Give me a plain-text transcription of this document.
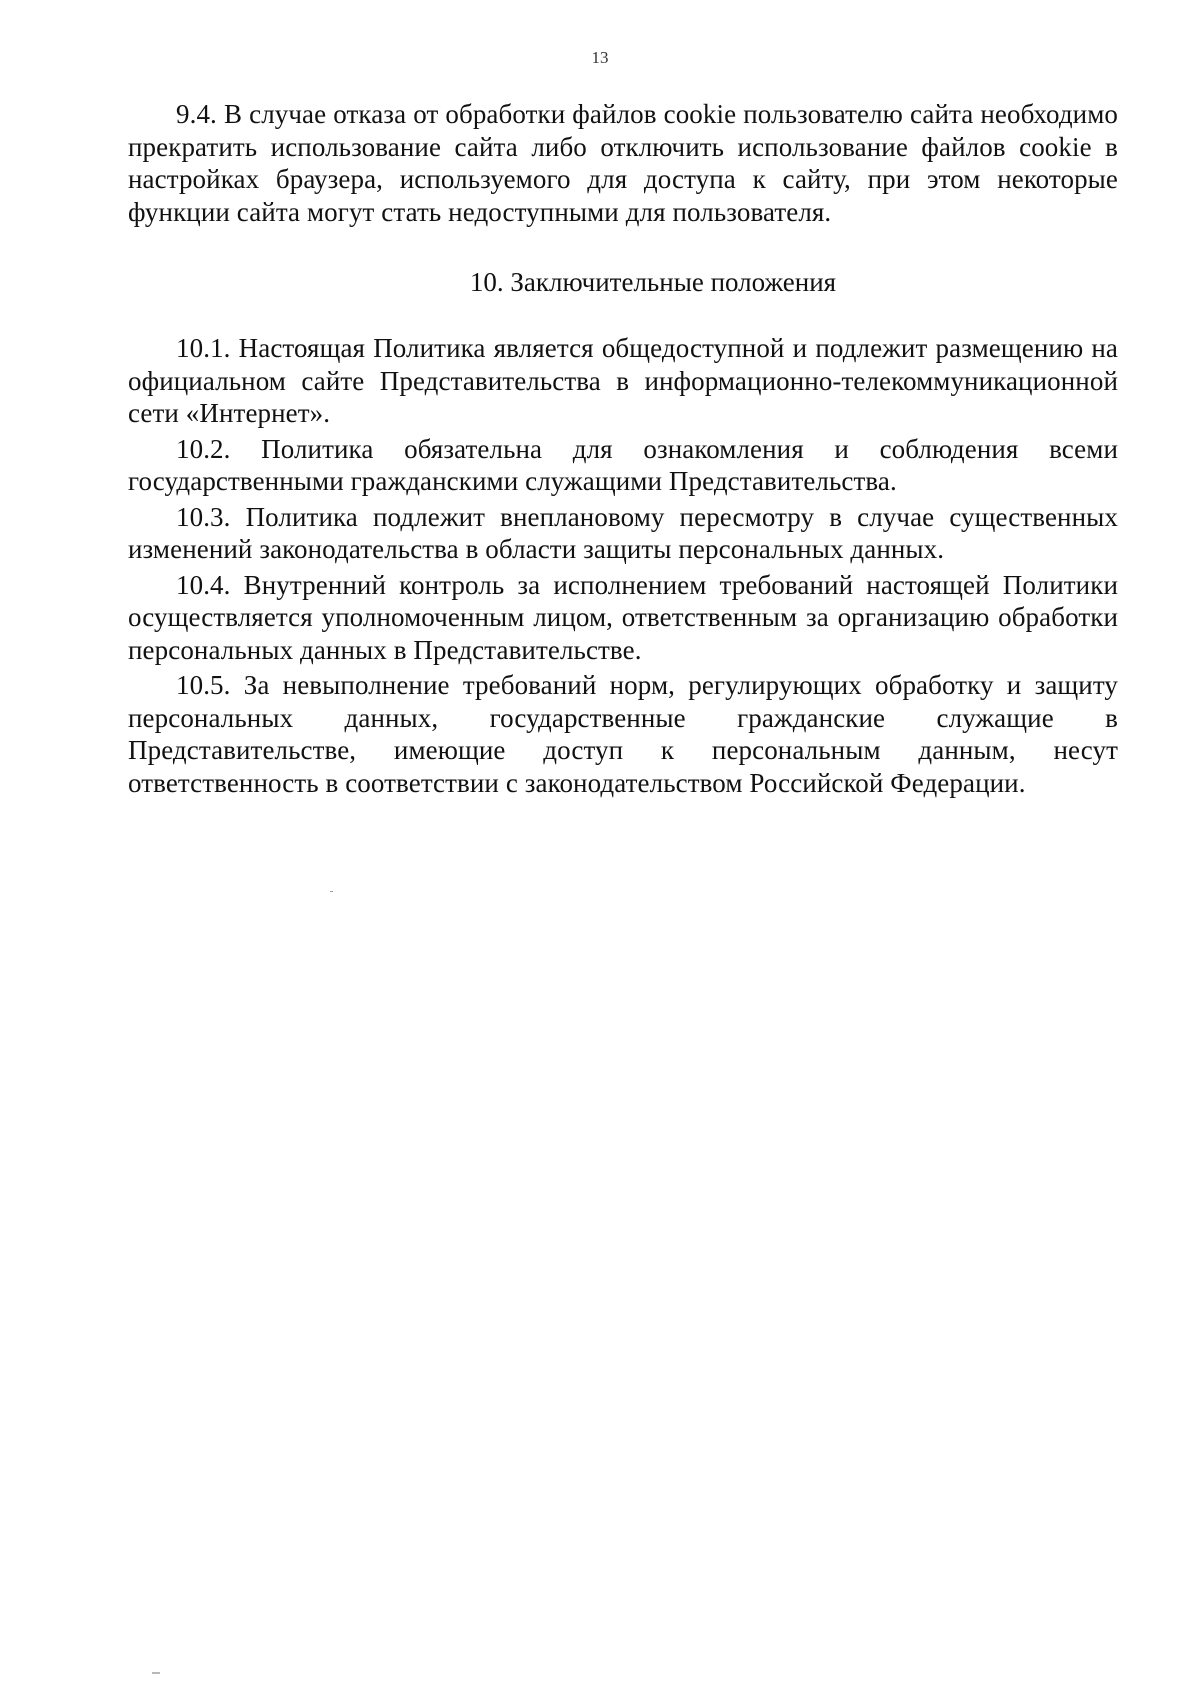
13

9.4. В случае отказа от обработки файлов cookie пользователю сайта необходимо прекратить использование сайта либо отключить использование файлов cookie в настройках браузера, используемого для доступа к сайту, при этом некоторые функции сайта могут стать недоступными для пользователя.

10. Заключительные положения

10.1. Настоящая Политика является общедоступной и подлежит размещению на официальном сайте Представительства в информационно-телекоммуникационной сети «Интернет».

10.2. Политика обязательна для ознакомления и соблюдения всеми государственными гражданскими служащими Представительства.

10.3. Политика подлежит внеплановому пересмотру в случае существенных изменений законодательства в области защиты персональных данных.

10.4. Внутренний контроль за исполнением требований настоящей Политики осуществляется уполномоченным лицом, ответственным за организацию обработки персональных данных в Представительстве.

10.5. За невыполнение требований норм, регулирующих обработку и защиту персональных данных, государственные гражданские служащие в Представительстве, имеющие доступ к персональным данным, несут ответственность в соответствии с законодательством Российской Федерации.
